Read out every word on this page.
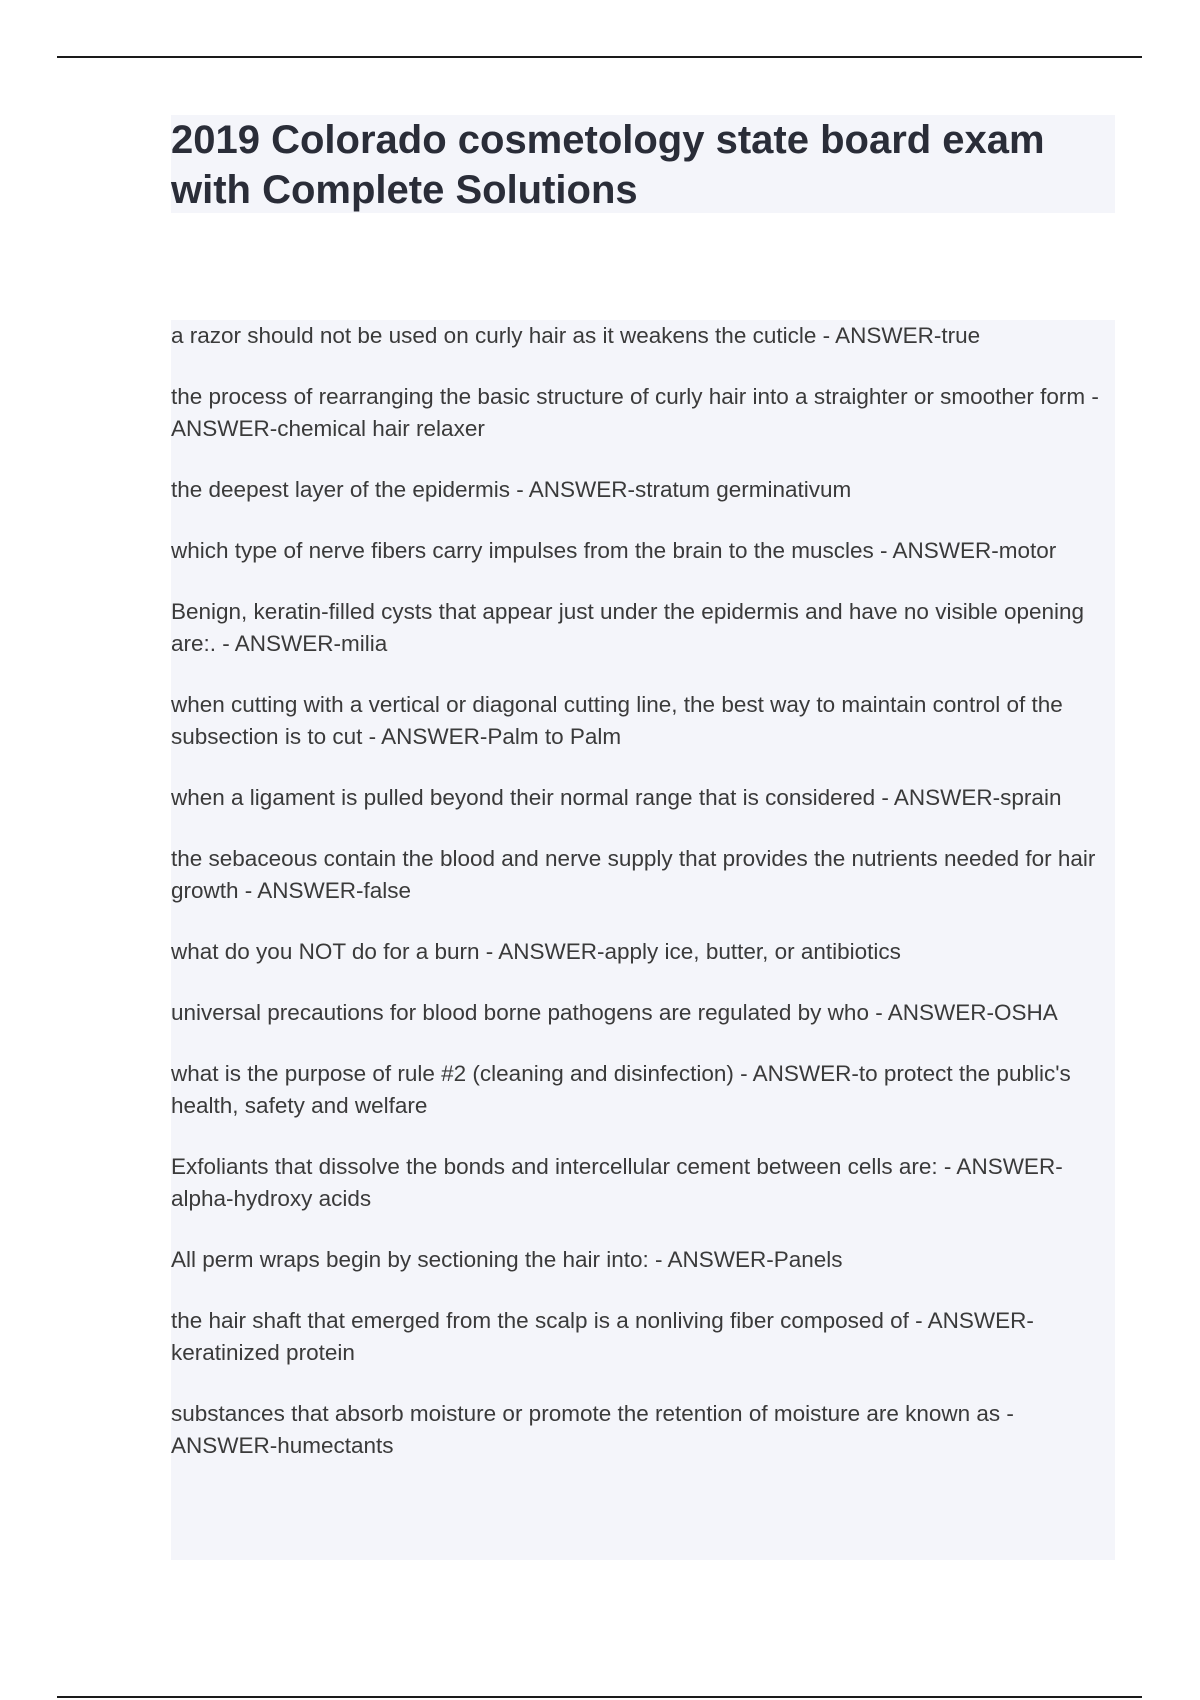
2019 Colorado cosmetology state board exam
with Complete Solutions
a razor should not be used on curly hair as it weakens the cuticle - ANSWER-true
the process of rearranging the basic structure of curly hair into a straighter or smoother form - ANSWER-chemical hair relaxer
the deepest layer of the epidermis - ANSWER-stratum germinativum
which type of nerve fibers carry impulses from the brain to the muscles - ANSWER-motor
Benign, keratin-filled cysts that appear just under the epidermis and have no visible opening are:. - ANSWER-milia
when cutting with a vertical or diagonal cutting line, the best way to maintain control of the subsection is to cut - ANSWER-Palm to Palm
when a ligament is pulled beyond their normal range that is considered - ANSWER-sprain
the sebaceous contain the blood and nerve supply that provides the nutrients needed for hair growth - ANSWER-false
what do you NOT do for a burn - ANSWER-apply ice, butter, or antibiotics
universal precautions for blood borne pathogens are regulated by who - ANSWER-OSHA
what is the purpose of rule #2 (cleaning and disinfection) - ANSWER-to protect the public's health, safety and welfare
Exfoliants that dissolve the bonds and intercellular cement between cells are: - ANSWER-alpha-hydroxy acids
All perm wraps begin by sectioning the hair into: - ANSWER-Panels
the hair shaft that emerged from the scalp is a nonliving fiber composed of - ANSWER-keratinized protein
substances that absorb moisture or promote the retention of moisture are known as - ANSWER-humectants
